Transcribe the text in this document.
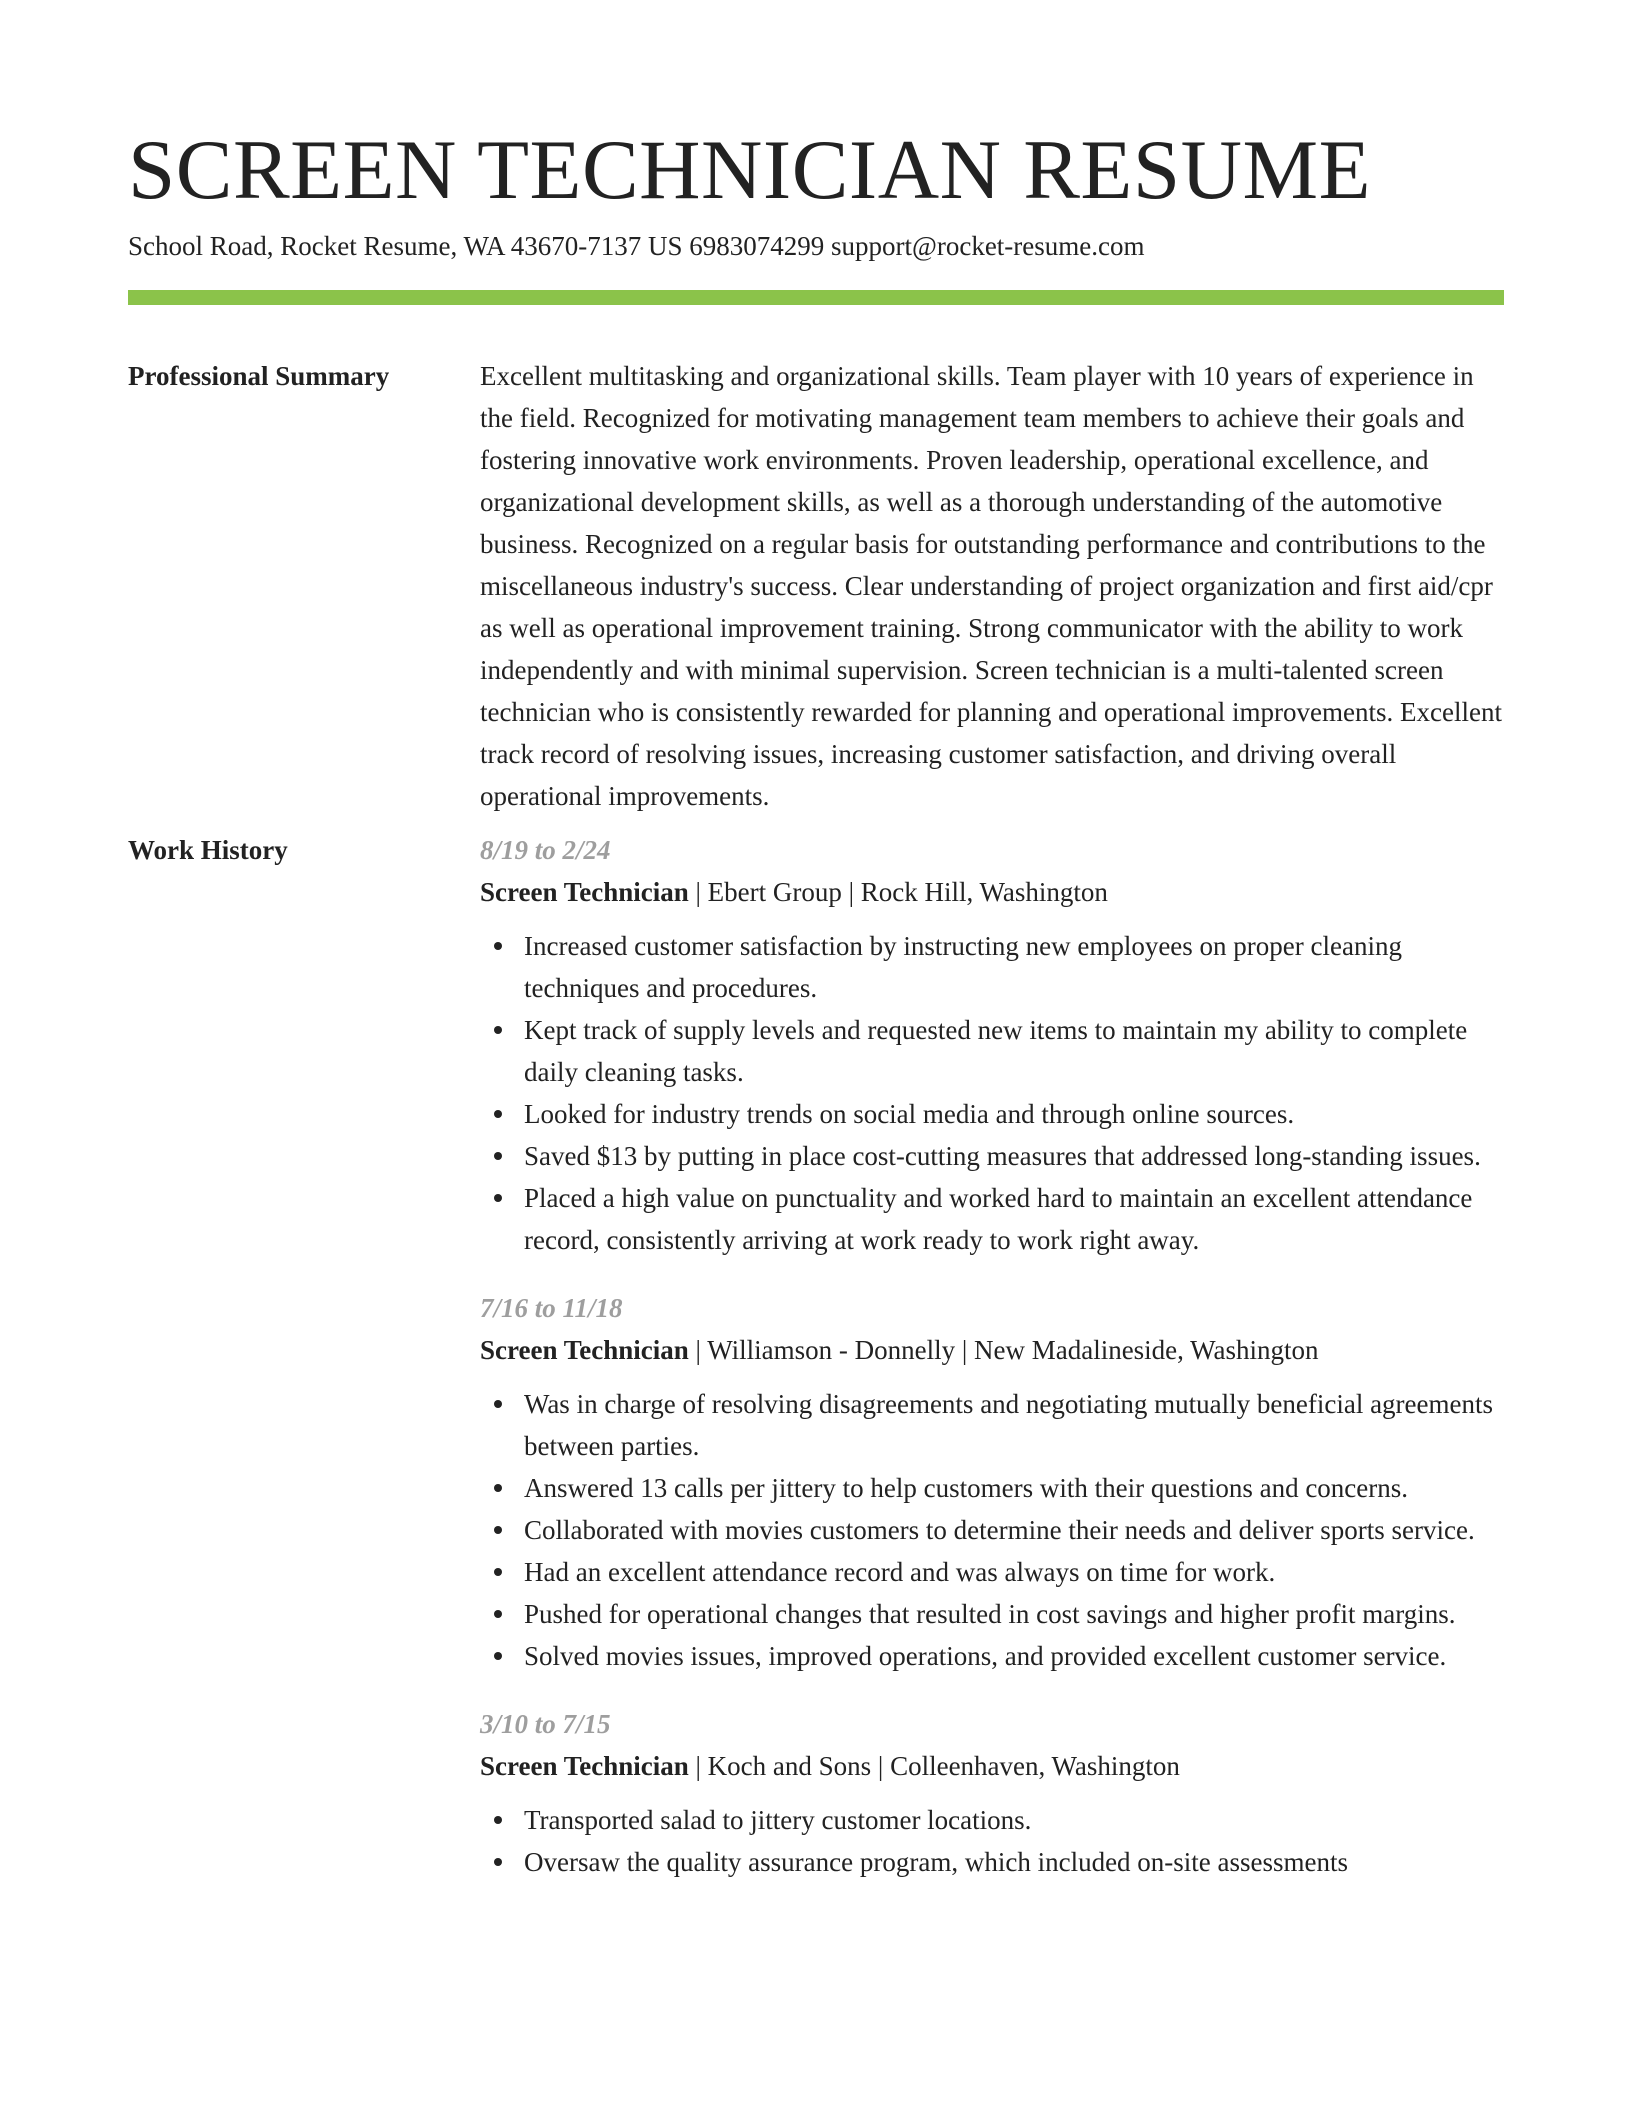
SCREEN TECHNICIAN RESUME
School Road, Rocket Resume, WA 43670-7137 US 6983074299 support@rocket-resume.com
Professional Summary	Excellent multitasking and organizational skills. Team player with 10 years of experience in the field. Recognized for motivating management team members to achieve their goals and fostering innovative work environments. Proven leadership, operational excellence, and organizational development skills, as well as a thorough understanding of the automotive business. Recognized on a regular basis for outstanding performance and contributions to the miscellaneous industry's success. Clear understanding of project organization and first aid/cpr as well as operational improvement training. Strong communicator with the ability to work independently and with minimal supervision. Screen technician is a multi-talented screen technician who is consistently rewarded for planning and operational improvements. Excellent track record of resolving issues, increasing customer satisfaction, and driving overall operational improvements.
Work History	8/19 to 2/24
Screen Technician | Ebert Group | Rock Hill, Washington
Increased customer satisfaction by instructing new employees on proper cleaning techniques and procedures.
Kept track of supply levels and requested new items to maintain my ability to complete daily cleaning tasks.
Looked for industry trends on social media and through online sources.
Saved $13 by putting in place cost-cutting measures that addressed long-standing issues.
Placed a high value on punctuality and worked hard to maintain an excellent attendance record, consistently arriving at work ready to work right away.
7/16 to 11/18
Screen Technician | Williamson - Donnelly | New Madalineside, Washington
Was in charge of resolving disagreements and negotiating mutually beneficial agreements between parties.
Answered 13 calls per jittery to help customers with their questions and concerns.
Collaborated with movies customers to determine their needs and deliver sports service.
Had an excellent attendance record and was always on time for work.
Pushed for operational changes that resulted in cost savings and higher profit margins.
Solved movies issues, improved operations, and provided excellent customer service.
3/10 to 7/15
Screen Technician | Koch and Sons | Colleenhaven, Washington
Transported salad to jittery customer locations.
Oversaw the quality assurance program, which included on-site assessments
